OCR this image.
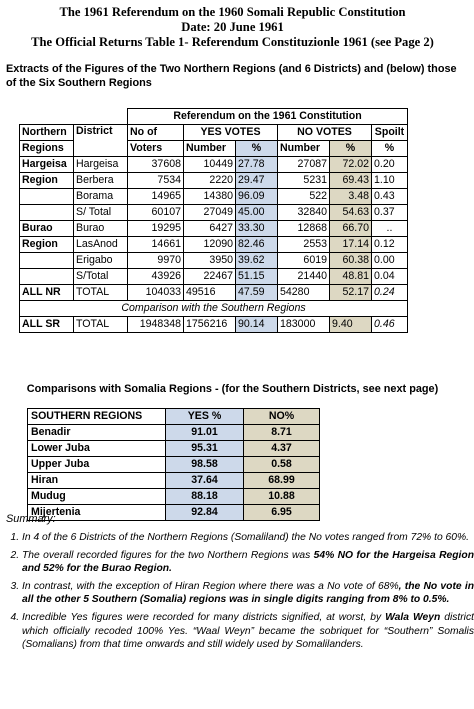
The 1961 Referendum on the 1960 Somali Republic Constitution
Date: 20 June 1961
The Official Returns Table 1- Referendum Constituzionle 1961 (see Page 2)
Extracts of the Figures of the Two Northern Regions (and 6 Districts) and (below) those of the Six Southern Regions
		Referendum on the 1961 Constitution					
Northern	District	No of	YES VOTES		NO VOTES		Spoilt
Regions		Voters	Number	%	Number	%	%
Hargeisa	Hargeisa	37608	10449	27.78	27087	72.02	0.20
Region	Berbera	7534	2220	29.47	5231	69.43	1.10
	Borama	14965	14380	96.09	522	3.48	0.43
	S/ Total	60107	27049	45.00	32840	54.63	0.37
Burao	Burao	19295	6427	33.30	12868	66.70	..
Region	LasAnod	14661	12090	82.46	2553	17.14	0.12
	Erigabo	9970	3950	39.62	6019	60.38	0.00
	S/Total	43926	22467	51.15	21440	48.81	0.04
ALL NR	TOTAL	104033	49516	47.59	54280	52.17	0.24
Comparison with the Southern Regions							
ALL SR	TOTAL	1948348	1756216	90.14	183000	9.40	0.46
Comparisons with Somalia Regions - (for the Southern Districts, see next page)
SOUTHERN REGIONS	YES %	NO%
Benadir	91.01	8.71
Lower Juba	95.31	4.37
Upper Juba	98.58	0.58
Hiran	37.64	68.99
Mudug	88.18	10.88
Mijertenia	92.84	6.95
Summary:
1. In 4 of the 6 Districts of the Northern Regions (Somaliland) the No votes ranged from 72% to 60%.
2. The overall recorded figures for the two Northern Regions was 54% NO for the Hargeisa Region and 52% for the Burao Region.
3. In contrast, with the exception of Hiran Region where there was a No vote of 68%, the No vote in all the other 5 Southern (Somalia) regions was in single digits ranging from 8% to 0.5%.
4. Incredible Yes figures were recorded for many districts signified, at worst, by Wala Weyn district which officially recoded 100% Yes. “Waal Weyn” became the sobriquet for “Southern” Somalis (Somalians) from that time onwards and still widely used by Somalilanders.
